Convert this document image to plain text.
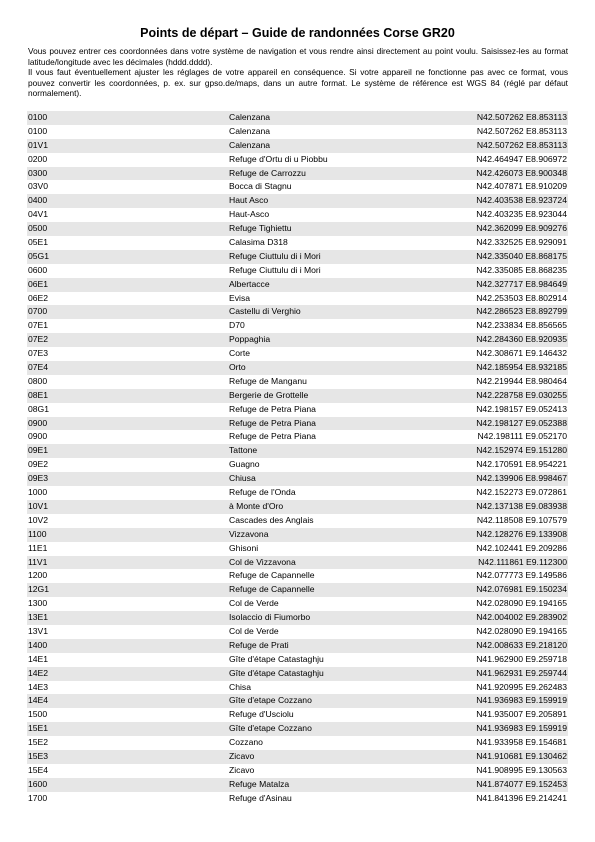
Points de départ – Guide de randonnées Corse GR20

Vous pouvez entrer ces coordonnées dans votre système de navigation et vous rendre ainsi directement au point voulu. Saisissez-les au format latitude/longitude avec les décimales (hddd.dddd).

Il vous faut éventuellement ajuster les réglages de votre appareil en conséquence. Si votre appareil ne fonctionne pas avec ce format, vous pouvez convertir les coordonnées, p. ex. sur gpso.de/maps, dans un autre format. Le système de référence est WGS 84 (réglé par défaut normalement).

0100	Calenzana	N42.507262 E8.853113
0100	Calenzana	N42.507262 E8.853113
01V1	Calenzana	N42.507262 E8.853113
0200	Refuge d'Ortu di u Piobbu	N42.464947 E8.906972
0300	Refuge de Carrozzu	N42.426073 E8.900348
03V0	Bocca di Stagnu	N42.407871 E8.910209
0400	Haut Asco	N42.403538 E8.923724
04V1	Haut-Asco	N42.403235 E8.923044
0500	Refuge Tighiettu	N42.362099 E8.909276
05E1	Calasima D318	N42.332525 E8.929091
05G1	Refuge Ciuttulu di i Mori	N42.335040 E8.868175
0600	Refuge Ciuttulu di i Mori	N42.335085 E8.868235
06E1	Albertacce	N42.327717 E8.984649
06E2	Evisa	N42.253503 E8.802914
0700	Castellu di Verghio	N42.286523 E8.892799
07E1	D70	N42.233834 E8.856565
07E2	Poppaghia	N42.284360 E8.920935
07E3	Corte	N42.308671 E9.146432
07E4	Orto	N42.185954 E8.932185
0800	Refuge de Manganu	N42.219944 E8.980464
08E1	Bergerie de Grottelle	N42.228758 E9.030255
08G1	Refuge de Petra Piana	N42.198157 E9.052413
0900	Refuge de Petra Piana	N42.198127 E9.052388
0900	Refuge de Petra Piana	N42.198111 E9.052170
09E1	Tattone	N42.152974 E9.151280
09E2	Guagno	N42.170591 E8.954221
09E3	Chiusa	N42.139906 E8.998467
1000	Refuge de l'Onda	N42.152273 E9.072861
10V1	à Monte d'Oro	N42.137138 E9.083938
10V2	Cascades des Anglais	N42.118508 E9.107579
1100	Vizzavona	N42.128276 E9.133908
11E1	Ghisoni	N42.102441 E9.209286
11V1	Col de Vizzavona	N42.111861 E9.112300
1200	Refuge de Capannelle	N42.077773 E9.149586
12G1	Refuge de Capannelle	N42.076981 E9.150234
1300	Col de Verde	N42.028090 E9.194165
13E1	Isolaccio di Fiumorbo	N42.004002 E9.283902
13V1	Col de Verde	N42.028090 E9.194165
1400	Refuge de Prati	N42.008633 E9.218120
14E1	Gîte d'étape Catastaghju	N41.962900 E9.259718
14E2	Gîte d'étape Catastaghju	N41.962931 E9.259744
14E3	Chisa	N41.920995 E9.262483
14E4	Gîte d'etape Cozzano	N41.936983 E9.159919
1500	Refuge d'Usciolu	N41.935007 E9.205891
15E1	Gîte d'etape Cozzano	N41.936983 E9.159919
15E2	Cozzano	N41.933958 E9.154681
15E3	Zicavo	N41.910681 E9.130462
15E4	Zicavo	N41.908995 E9.130563
1600	Refuge Matalza	N41.874077 E9.152453
1700	Refuge d'Asinau	N41.841396 E9.214241
